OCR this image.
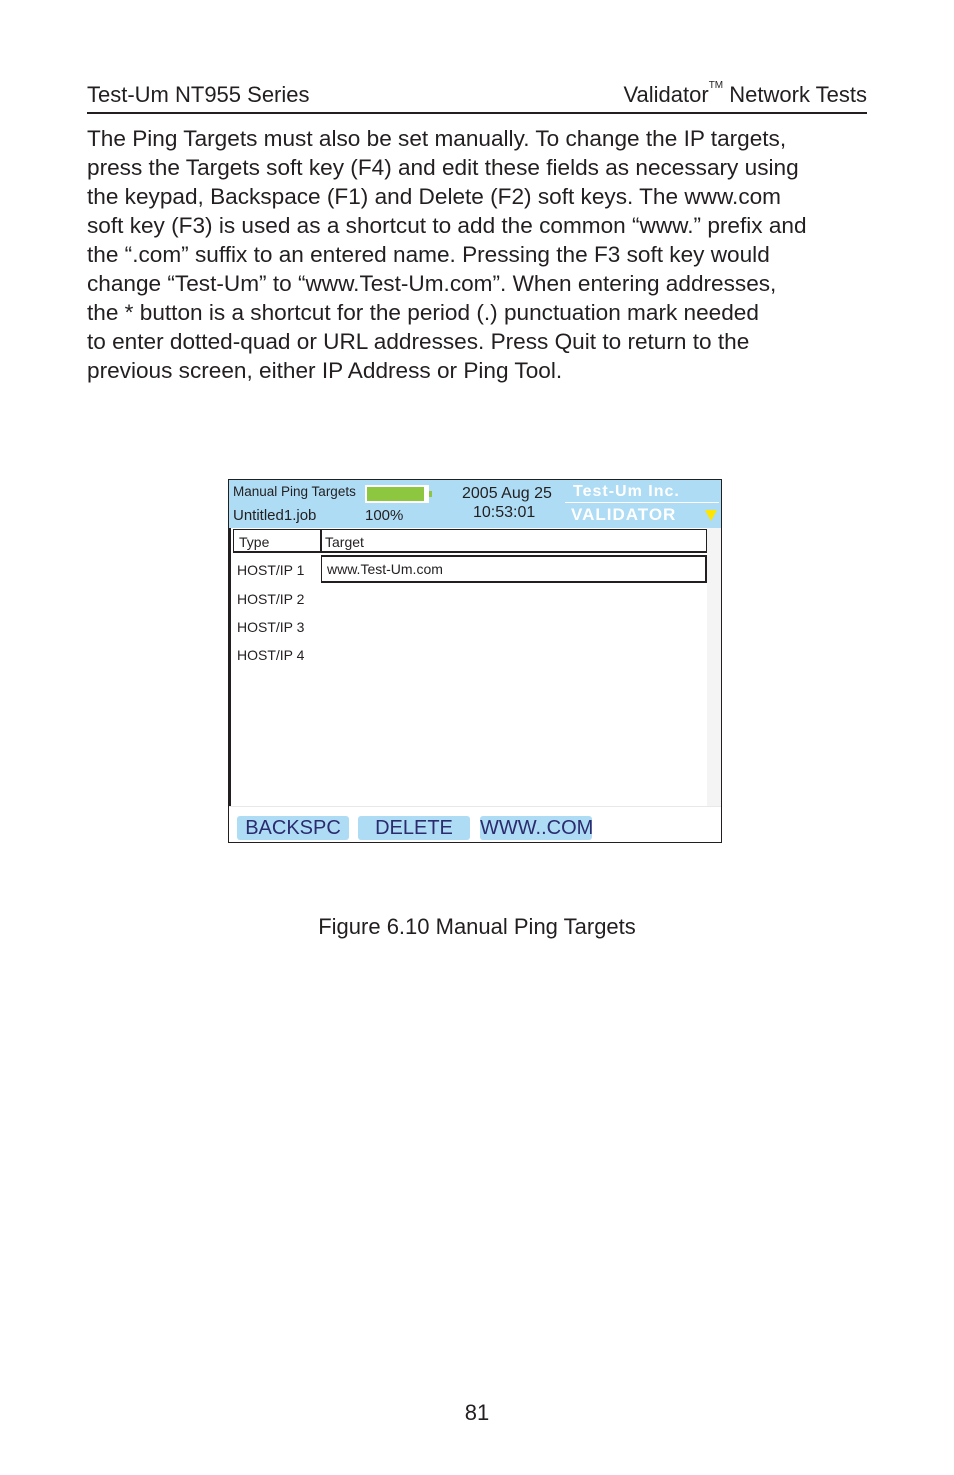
Test-Um NT955 Series	Validator™ Network Tests

The Ping Targets must also be set manually. To change the IP targets,
press the Targets soft key (F4) and edit these fields as necessary using
the keypad, Backspace (F1) and Delete (F2) soft keys. The www.com
soft key (F3) is used as a shortcut to add the common “www.” prefix and
the “.com” suffix to an entered name. Pressing the F3 soft key would
change “Test-Um” to “www.Test-Um.com”. When entering addresses,
the * button is a shortcut for the period (.) punctuation mark needed
to enter dotted-quad or URL addresses. Press Quit to return to the
previous screen, either IP Address or Ping Tool.

Manual Ping Targets
Untitled1.job	100%
2005 Aug 25
10:53:01
Test-Um Inc.
VALIDATOR
Type	Target
HOST/IP 1	www.Test-Um.com
HOST/IP 2
HOST/IP 3
HOST/IP 4
BACKSPC	DELETE	WWW..COM
Figure 6.10 Manual Ping Targets
81
